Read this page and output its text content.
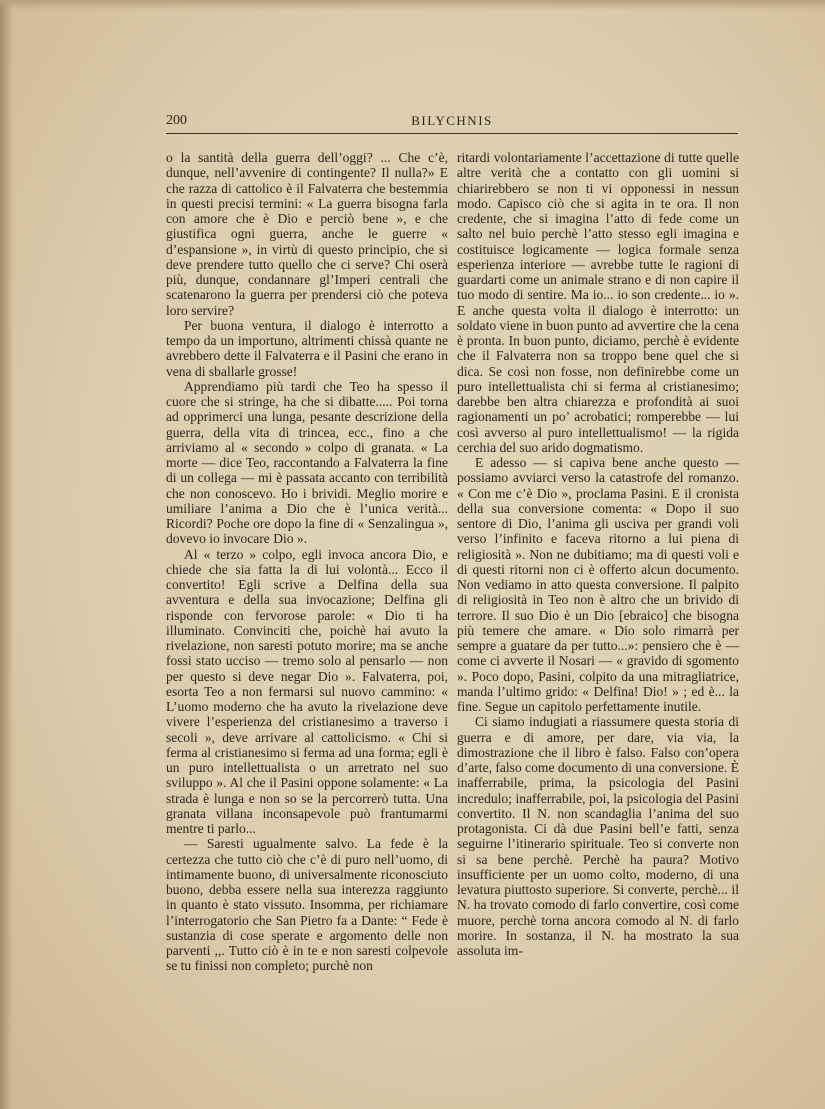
200	BILYCHNIS

o la santità della guerra dell’oggi? ... Che c’è, dunque, nell’avvenire di contingente? Il nulla?» E che razza di cattolico è il Falvaterra che bestemmia in questi precisi termini: « La guerra bisogna farla con amore che è Dio e perciò bene », e che giustifica ogni guerra, anche le guerre « d’espansione », in virtù di questo principio, che si deve prendere tutto quello che ci serve? Chi oserà più, dunque, condannare gl’Imperi centrali che scatenarono la guerra per prendersi ciò che poteva loro servire?

Per buona ventura, il dialogo è interrotto a tempo da un importuno, altrimenti chissà quante ne avrebbero dette il Falvaterra e il Pasini che erano in vena di sballarle grosse!

Apprendiamo più tardi che Teo ha spesso il cuore che si stringe, ha che si dibatte..... Poi torna ad opprimerci una lunga, pesante descrizione della guerra, della vita di trincea, ecc., fino a che arriviamo al « secondo » colpo di granata. « La morte — dice Teo, raccontando a Falvaterra la fine di un collega — mi è passata accanto con terribilità che non conoscevo. Ho i brividi. Meglio morire e umiliare l’anima a Dio che è l’unica verità... Ricordi? Poche ore dopo la fine di « Senzalingua », dovevo io invocare Dio ».

Al « terzo » colpo, egli invoca ancora Dio, e chiede che sia fatta la di lui volontà... Ecco il convertito! Egli scrive a Delfina della sua avventura e della sua invocazione; Delfina gli risponde con fervorose parole: « Dio ti ha illuminato. Convinciti che, poichè hai avuto la rivelazione, non saresti potuto morire; ma se anche fossi stato ucciso — tremo solo al pensarlo — non per questo si deve negar Dio ». Falvaterra, poi, esorta Teo a non fermarsi sul nuovo cammino: « L’uomo moderno che ha avuto la rivelazione deve vivere l’esperienza del cristianesimo a traverso i secoli », deve arrivare al cattolicismo. « Chi si ferma al cristianesimo si ferma ad una forma; egli è un puro intellettualista o un arretrato nel suo sviluppo ». Al che il Pasini oppone solamente: « La strada è lunga e non so se la percorrerò tutta. Una granata villana inconsapevole può frantumarmi mentre ti parlo...

— Saresti ugualmente salvo. La fede è la certezza che tutto ciò che c’è di puro nell’uomo, di intimamente buono, di universalmente riconosciuto buono, debba essere nella sua interezza raggiunto in quanto è stato vissuto. Insomma, per richiamare l’interrogatorio che San Pietro fa a Dante: “ Fede è sustanzia di cose sperate e argomento delle non parventi ,,. Tutto ciò è in te e non saresti colpevole se tu finissi non completo; purchè non

ritardi volontariamente l’accettazione di tutte quelle altre verità che a contatto con gli uomini si chiarirebbero se non ti vi opponessi in nessun modo. Capisco ciò che si agita in te ora. Il non credente, che si imagina l’atto di fede come un salto nel buio perchè l’atto stesso egli imagina e costituisce logicamente — logica formale senza esperienza interiore — avrebbe tutte le ragioni di guardarti come un animale strano e di non capire il tuo modo di sentire. Ma io... io son credente... io ». E anche questa volta il dialogo è interrotto: un soldato viene in buon punto ad avvertire che la cena è pronta. In buon punto, diciamo, perchè è evidente che il Falvaterra non sa troppo bene quel che si dica. Se così non fosse, non definirebbe come un puro intellettualista chi si ferma al cristianesimo; darebbe ben altra chiarezza e profondità ai suoi ragionamenti un po’ acrobatici; romperebbe — lui così avverso al puro intellettualismo! — la rigida cerchia del suo arido dogmatismo.

E adesso — si capiva bene anche questo — possiamo avviarci verso la catastrofe del romanzo. « Con me c’è Dio », proclama Pasini. E il cronista della sua conversione comenta: « Dopo il suo sentore di Dio, l’anima gli usciva per grandi voli verso l’infinito e faceva ritorno a lui piena di religiosità ». Non ne dubitiamo; ma di questi voli e di questi ritorni non ci è offerto alcun documento. Non vediamo in atto questa conversione. Il palpito di religiosità in Teo non è altro che un brivido di terrore. Il suo Dio è un Dio [ebraico] che bisogna più temere che amare. « Dio solo rimarrà per sempre a guatare da per tutto...»: pensiero che è — come ci avverte il Nosari — « gravido di sgomento ». Poco dopo, Pasini, colpito da una mitragliatrice, manda l’ultimo grido: « Delfina! Dio! » ; ed è... la fine. Segue un capitolo perfettamente inutile.

Ci siamo indugiati a riassumere questa storia di guerra e di amore, per dare, via via, la dimostrazione che il libro è falso. Falso con’opera d’arte, falso come documento di una conversione. È inafferrabile, prima, la psicologia del Pasini incredulo; inafferrabile, poi, la psicologia del Pasini convertito. Il N. non scandaglia l’anima del suo protagonista. Ci dà due Pasini bell’e fatti, senza seguirne l’itinerario spirituale. Teo si converte non si sa bene perchè. Perchè ha paura? Motivo insufficiente per un uomo colto, moderno, di una levatura piuttosto superiore. Si converte, perchè... il N. ha trovato comodo di farlo convertire, così come muore, perchè torna ancora comodo al N. di farlo morire. In sostanza, il N. ha mostrato la sua assoluta im-
